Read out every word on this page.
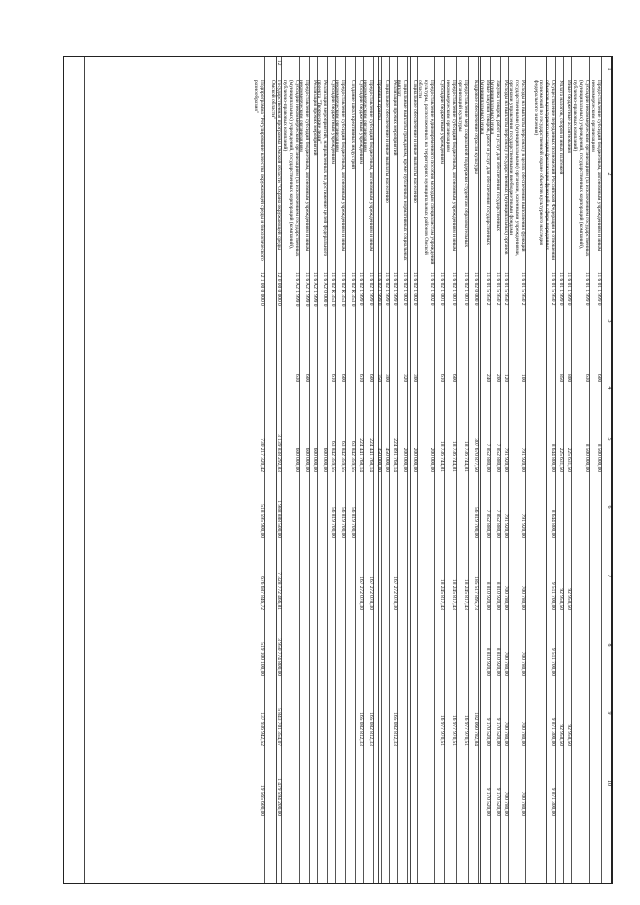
1
2
3
4
5
6
7
8
9
10
Предоставление субсидий бюджетным, автономным учреждениям и иным некоммерческим организациям
11 6 01 1 999 0
600
8 500 000,00
Субсидии некоммерческим организациям (за исключением государственных (муниципальных) учреждений, государственных корпораций (компаний), публично-правовых компаний)
11 6 01 1 999 0
630
8 500 000,00
Иные бюджетные ассигнования
11 6 01 1 999 0
800
225 631,50
92 958,50
92 958,50
Уплата налогов, сборов и иных платежей
11 6 01 1 999 0
850
225 631,50
92 958,50
92 958,50
Осуществление переданных полномочий Российской Федерации в отношении объектов культурного наследия (реализация функций в сфере переданных полномочий по государственной охране объектов культурного наследия федерального значения)
11 6 01 5 950 2
8 644 800,00
8 644 800,00
9 511 700,00
9 511 700,00
9 871 300,00
9 871 300,00
Расходы на выплаты персоналу в целях обеспечения выполнения функций государственными (муниципальными) органами, казенными учреждениями, органами управления государственными внебюджетными фондами
11 6 01 5 950 2
100
791 920,00
791 920,00
700 780,00
700 780,00
700 780,00
700 780,00
Расходы на выплаты персоналу государственных (муниципальных) органов
11 6 01 5 950 2
120
791 920,00
791 920,00
700 780,00
700 780,00
700 780,00
700 780,00
Закупка товаров, работ и услуг для обеспечения государственных (муниципальных) нужд
11 6 01 5 950 2
200
7 852 880,00
7 852 880,00
8 810 920,00
8 810 920,00
9 170 520,00
9 170 520,00
Иные закупки товаров, работ и услуг для обеспечения государственных (муниципальных) нужд
11 6 01 5 950 2
240
7 852 880,00
7 852 880,00
8 810 920,00
8 810 920,00
9 170 520,00
9 170 520,00
Кадровое обеспечение отрасли культуры
11 6 02 0 000 0
307 670 877,50
56 819 700,00
185 517 895,73
182 060 782,84
Предоставление мер социальной поддержки студентам образовательных организаций культуры
11 6 02 1 001 0
18 736 744,81
18 245 817,43
16 977 970,51
Предоставление субсидий бюджетным, автономным учреждениям и иным некоммерческим организациям
11 6 02 1 001 0
600
18 736 744,81
18 245 817,43
16 977 970,51
Субсидии бюджетным учреждениям
11 6 02 1 001 0
610
18 736 744,81
18 245 817,43
16 977 970,51
Предоставление единовременного пособия молодым специалистам учреждений культуры, расположенных на территориях муниципальных районов Омской области
11 6 02 1 002 0
200 000,00
Социальное обеспечение и иные выплаты населению
11 6 02 1 002 0
300
200 000,00
Социальные выплаты гражданам, кроме публичных нормативных социальных выплат
11 6 02 1 002 0
320
200 000,00
Реализация прочих мероприятий
11 6 02 1 999 0
224 891 768,14
167 272 078,30
165 082 812,33
Социальное обеспечение и иные выплаты населению
11 6 02 1 999 0
300
450 000,00
Премии и гранты
11 6 02 1 999 0
350
450 000,00
Предоставление субсидий бюджетным, автономным учреждениям и иным некоммерческим организациям
11 6 02 1 999 0
600
224 441 768,14
167 272 078,30
165 082 812,33
Субсидии бюджетным учреждениям
11 6 02 1 999 0
610
224 441 768,14
167 272 078,30
165 082 812,33
Создание школ креативных индустрий
11 6 02 R 353 0
63 842 359,55
56 819 700,00
Предоставление субсидий бюджетным, автономным учреждениям и иным некоммерческим организациям
11 6 02 R 353 0
600
63 842 359,55
56 819 700,00
Субсидии бюджетным учреждениям
11 6 02 R 353 0
610
63 842 359,55
56 819 700,00
Реализация мероприятий, направленных на достижение целей федерального проекта "Творческие люди"
11 6 A2 0 000 0
600 000,00
Реализация прочих мероприятий
11 6 A2 1 999 0
600 000,00
Предоставление субсидий бюджетным, автономным учреждениям и иным некоммерческим организациям
11 6 A2 1 999 0
600
600 000,00
Субсидии некоммерческим организациям (за исключением государственных (муниципальных) учреждений, государственных корпораций (компаний), публично-правовых компаний)
11 6 A2 1 999 0
630
600 000,00
12
Государственная программа Омской области "Охрана окружающей среды Омской области"
12 0 00 0 000 0
3 139 838 292,83
1 988 888 500,00
7 328 772 466,81
3 950 774 800,00
5 843 701 354,07
1 479 594 200,00
Подпрограмма "Регулирование качества окружающей среды и биологического разнообразия"
12 1 00 0 000 0
730 217 320,42
518 595 900,00
676 687 846,72
519 100 100,00
137 936 942,52
19 565 600,00
